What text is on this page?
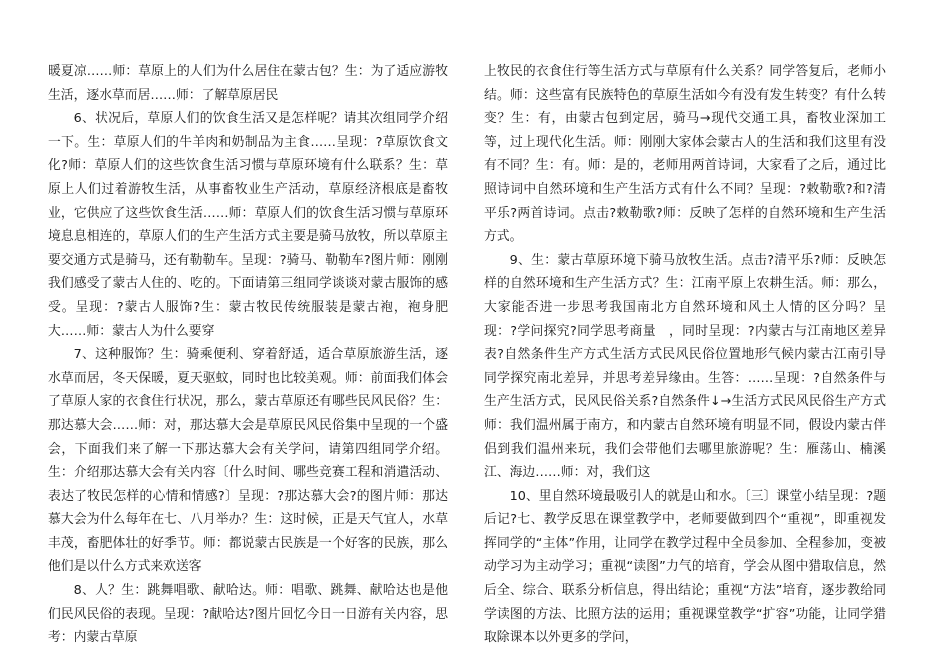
暖夏凉……师：草原上的人们为什么居住在蒙古包？生：为了适应游牧生活，逐水草而居……师：了解草原居民

6、状况后，草原人们的饮食生活又是怎样呢？请其次组同学介绍一下。生：草原人们的牛羊肉和奶制品为主食……呈现：?草原饮食文化?师：草原人们的这些饮食生活习惯与草原环境有什么联系？生：草原上人们过着游牧生活，从事畜牧业生产活动，草原经济根底是畜牧业，它供应了这些饮食生活……师：草原人们的饮食生活习惯与草原环境息息相连的，草原人们的生产生活方式主要是骑马放牧，所以草原主要交通方式是骑马，还有勒勒车。呈现：?骑马、勒勒车?图片师：刚刚我们感受了蒙古人住的、吃的。下面请第三组同学谈谈对蒙古服饰的感受。呈现：?蒙古人服饰?生：蒙古牧民传统服装是蒙古袍，袍身肥大……师：蒙古人为什么要穿

7、这种服饰？生：骑乘便利、穿着舒适，适合草原旅游生活，逐水草而居，冬天保暖，夏天驱蚊，同时也比较美观。师：前面我们体会了草原人家的衣食住行状况，那么，蒙古草原还有哪些民风民俗？生：那达慕大会……师：对，那达慕大会是草原民风民俗集中呈现的一个盛会，下面我们来了解一下那达慕大会有关学问，请第四组同学介绍。生：介绍那达慕大会有关内容〔什么时间、哪些竞赛工程和消遣活动、表达了牧民怎样的心情和情感?〕呈现：?那达慕大会?的图片师：那达慕大会为什么每年在七、八月举办？生：这时候，正是天气宜人，水草丰茂，畜肥体壮的好季节。师：都说蒙古民族是一个好客的民族，那么他们是以什么方式来欢送客

8、人？生：跳舞唱歌、献哈达。师：唱歌、跳舞、献哈达也是他们民风民俗的表现。呈现：?献哈达?图片回忆今日一日游有关内容，思考：内蒙古草原

上牧民的衣食住行等生活方式与草原有什么关系？同学答复后，老师小结。师：这些富有民族特色的草原生活如今有没有发生转变？有什么转变？生：有，由蒙古包到定居，骑马→现代交通工具，畜牧业深加工等，过上现代化生活。师：刚刚大家体会蒙古人的生活和我们这里有没有不同？生：有。师：是的，老师用两首诗词，大家看了之后，通过比照诗词中自然环境和生产生活方式有什么不同？呈现：?敕勒歌?和?清平乐?两首诗词。点击?敕勒歌?师：反映了怎样的自然环境和生产生活方式。

9、生：蒙古草原环境下骑马放牧生活。点击?清平乐?师：反映怎样的自然环境和生产生活方式？生：江南平原上农耕生活。师：那么，大家能否进一步思考我国南北方自然环境和风土人情的区分吗？呈现：?学问探究?同学思考商量　，同时呈现：?内蒙古与江南地区差异表?自然条件生产方式生活方式民风民俗位置地形气候内蒙古江南引导同学探究南北差异，并思考差异缘由。生答：……呈现：?自然条件与生产生活方式，民风民俗关系?自然条件↓→生活方式民风民俗生产方式师：我们温州属于南方，和内蒙古自然环境有明显不同，假设内蒙古伴侣到我们温州来玩，我们会带他们去哪里旅游呢？生：雁荡山、楠溪江、海边……师：对，我们这

10、里自然环境最吸引人的就是山和水。〔三〕课堂小结呈现：?题后记?七、教学反思在课堂教学中，老师要做到四个“重视”，即重视发挥同学的“主体”作用，让同学在教学过程中全员参加、全程参加，变被动学习为主动学习；重视“读图”力气的培育，学会从图中猎取信息，然后全、综合、联系分析信息，得出结论；重视“方法”培育，逐步教给同学读图的方法、比照方法的运用；重视课堂教学“扩容”功能，让同学猎取除课本以外更多的学问，
